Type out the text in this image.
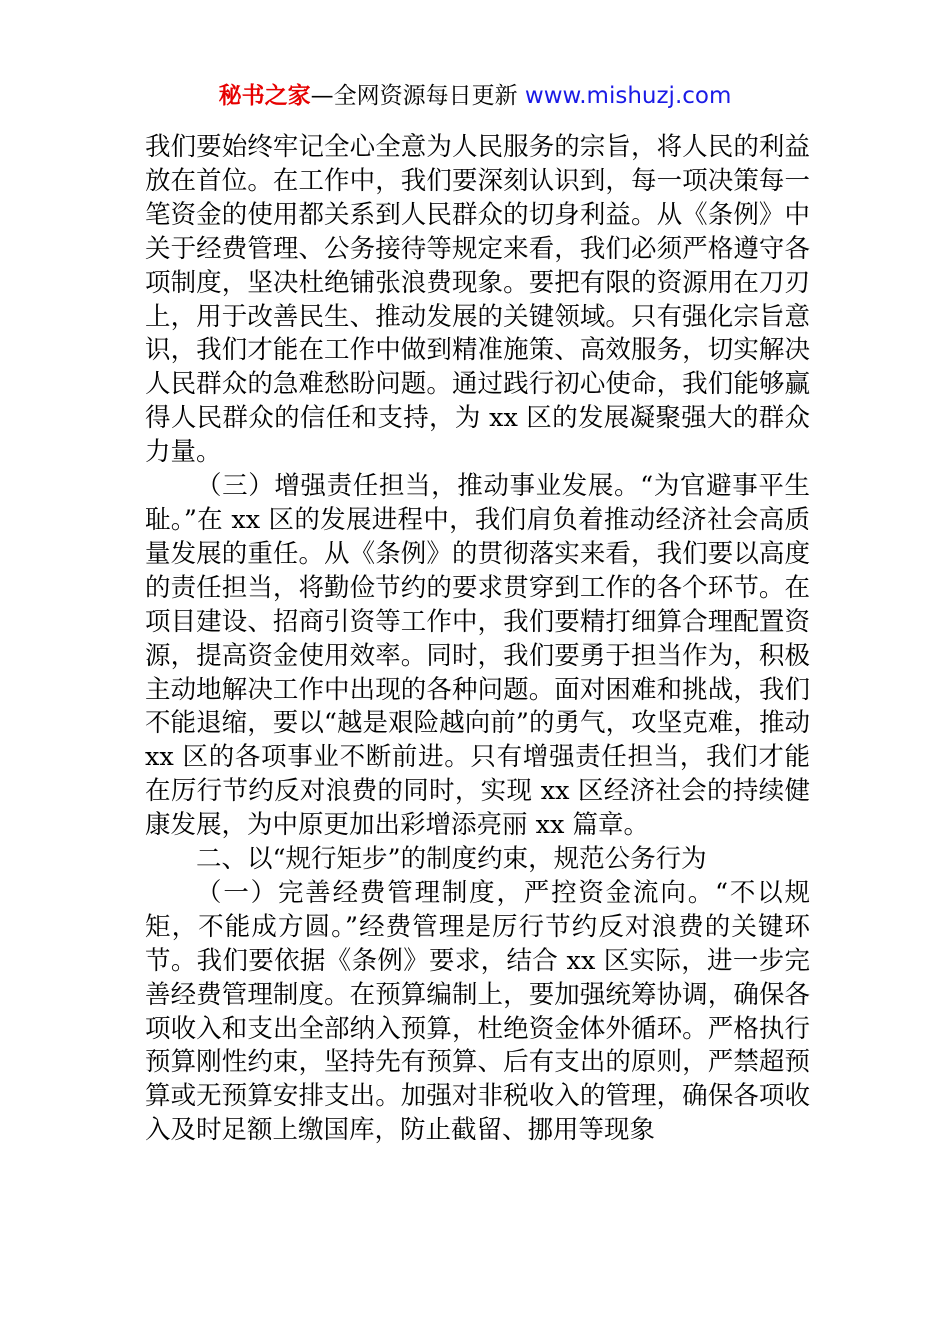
秘书之家—全网资源每日更新 www.mishuzj.com

我们要始终牢记全心全意为人民服务的宗旨，将人民的利益放在首位。在工作中，我们要深刻认识到，每一项决策每一笔资金的使用都关系到人民群众的切身利益。从《条例》中关于经费管理、公务接待等规定来看，我们必须严格遵守各项制度，坚决杜绝铺张浪费现象。要把有限的资源用在刀刃上，用于改善民生、推动发展的关键领域。只有强化宗旨意识，我们才能在工作中做到精准施策、高效服务，切实解决人民群众的急难愁盼问题。通过践行初心使命，我们能够赢得人民群众的信任和支持，为 xx 区的发展凝聚强大的群众力量。

（三）增强责任担当，推动事业发展。“为官避事平生耻。”在 xx 区的发展进程中，我们肩负着推动经济社会高质量发展的重任。从《条例》的贯彻落实来看，我们要以高度的责任担当，将勤俭节约的要求贯穿到工作的各个环节。在项目建设、招商引资等工作中，我们要精打细算合理配置资源，提高资金使用效率。同时，我们要勇于担当作为，积极主动地解决工作中出现的各种问题。面对困难和挑战，我们不能退缩，要以“越是艰险越向前”的勇气，攻坚克难，推动 xx 区的各项事业不断前进。只有增强责任担当，我们才能在厉行节约反对浪费的同时，实现 xx 区经济社会的持续健康发展，为中原更加出彩增添亮丽 xx 篇章。

二、以“规行矩步”的制度约束，规范公务行为

（一）完善经费管理制度，严控资金流向。“不以规矩，不能成方圆。”经费管理是厉行节约反对浪费的关键环节。我们要依据《条例》要求，结合 xx 区实际，进一步完善经费管理制度。在预算编制上，要加强统筹协调，确保各项收入和支出全部纳入预算，杜绝资金体外循环。严格执行预算刚性约束，坚持先有预算、后有支出的原则，严禁超预算或无预算安排支出。加强对非税收入的管理，确保各项收入及时足额上缴国库，防止截留、挪用等现象
